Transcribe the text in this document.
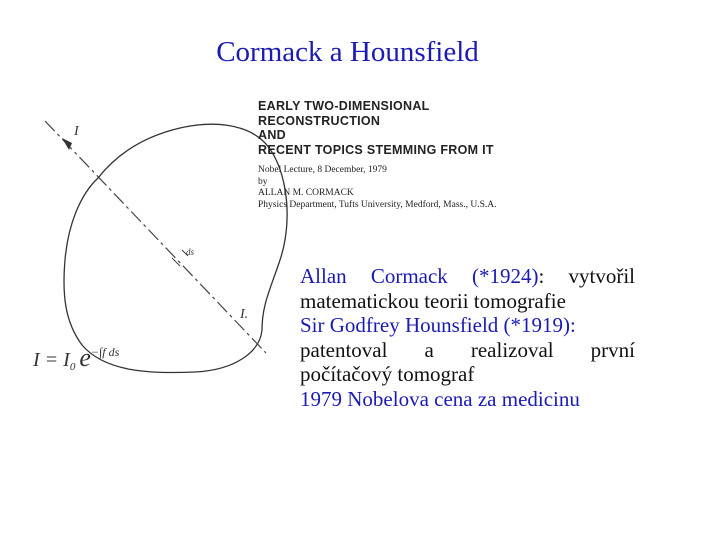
Cormack a Hounsfield
I
ds
I.
$I = I_0$ $e^{-\int f ds}$
EARLY TWO-DIMENSIONAL
RECONSTRUCTION
AND
RECENT TOPICS STEMMING FROM IT
Nobel Lecture, 8 December, 1979
by
ALLAN M. CORMACK
Physics Department, Tufts University, Medford, Mass., U.S.A.
Allan Cormack (*1924): vytvořil
matematickou teorii tomografie
Sir Godfrey Hounsfield (*1919):
patentoval a realizoval první
počítačový tomograf
1979 Nobelova cena za medicinu
